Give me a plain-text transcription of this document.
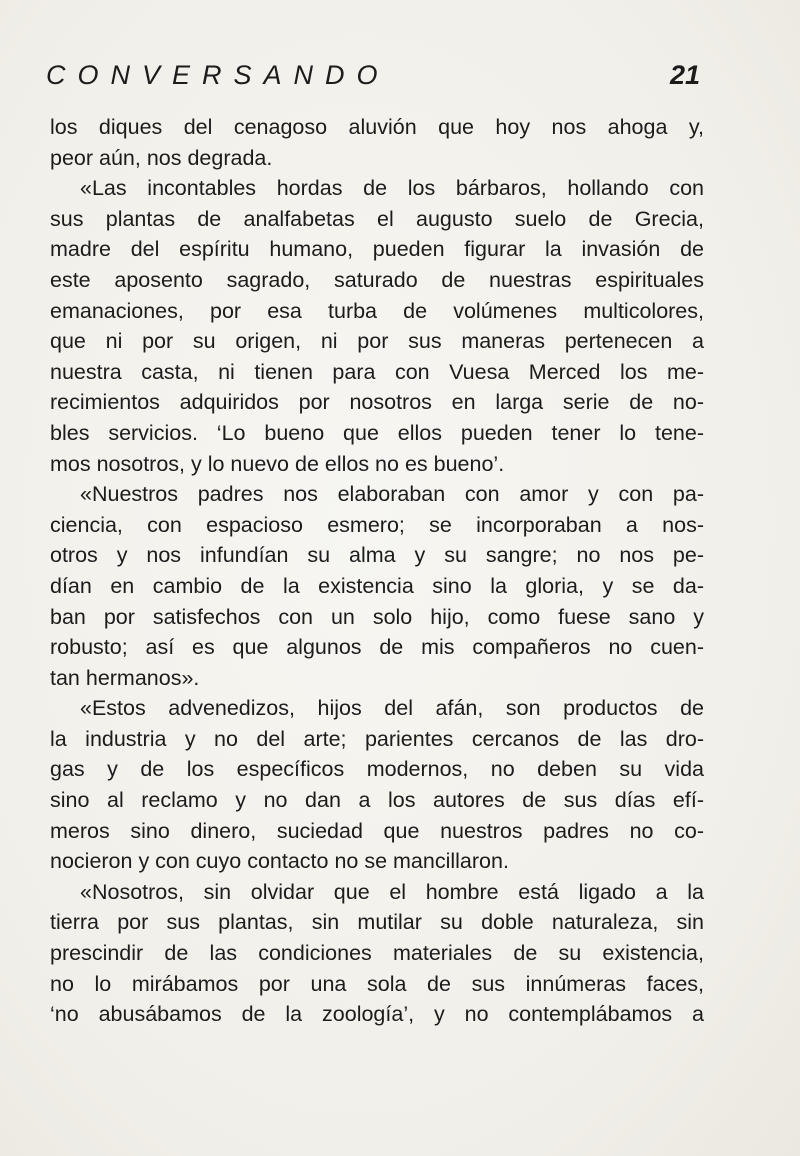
CONVERSANDO	21
los diques del cenagoso aluvión que hoy nos ahoga y,
peor aún, nos degrada.
«Las incontables hordas de los bárbaros, hollando con
sus plantas de analfabetas el augusto suelo de Grecia,
madre del espíritu humano, pueden figurar la invasión de
este aposento sagrado, saturado de nuestras espirituales
emanaciones, por esa turba de volúmenes multicolores,
que ni por su origen, ni por sus maneras pertenecen a
nuestra casta, ni tienen para con Vuesa Merced los me-
recimientos adquiridos por nosotros en larga serie de no-
bles servicios. ‘Lo bueno que ellos pueden tener lo tene-
mos nosotros, y lo nuevo de ellos no es bueno’.
«Nuestros padres nos elaboraban con amor y con pa-
ciencia, con espacioso esmero; se incorporaban a nos-
otros y nos infundían su alma y su sangre; no nos pe-
dían en cambio de la existencia sino la gloria, y se da-
ban por satisfechos con un solo hijo, como fuese sano y
robusto; así es que algunos de mis compañeros no cuen-
tan hermanos».
«Estos advenedizos, hijos del afán, son productos de
la industria y no del arte; parientes cercanos de las dro-
gas y de los específicos modernos, no deben su vida
sino al reclamo y no dan a los autores de sus días efí-
meros sino dinero, suciedad que nuestros padres no co-
nocieron y con cuyo contacto no se mancillaron.
«Nosotros, sin olvidar que el hombre está ligado a la
tierra por sus plantas, sin mutilar su doble naturaleza, sin
prescindir de las condiciones materiales de su existencia,
no lo mirábamos por una sola de sus innúmeras faces,
‘no abusábamos de la zoología’, y no contemplábamos a
